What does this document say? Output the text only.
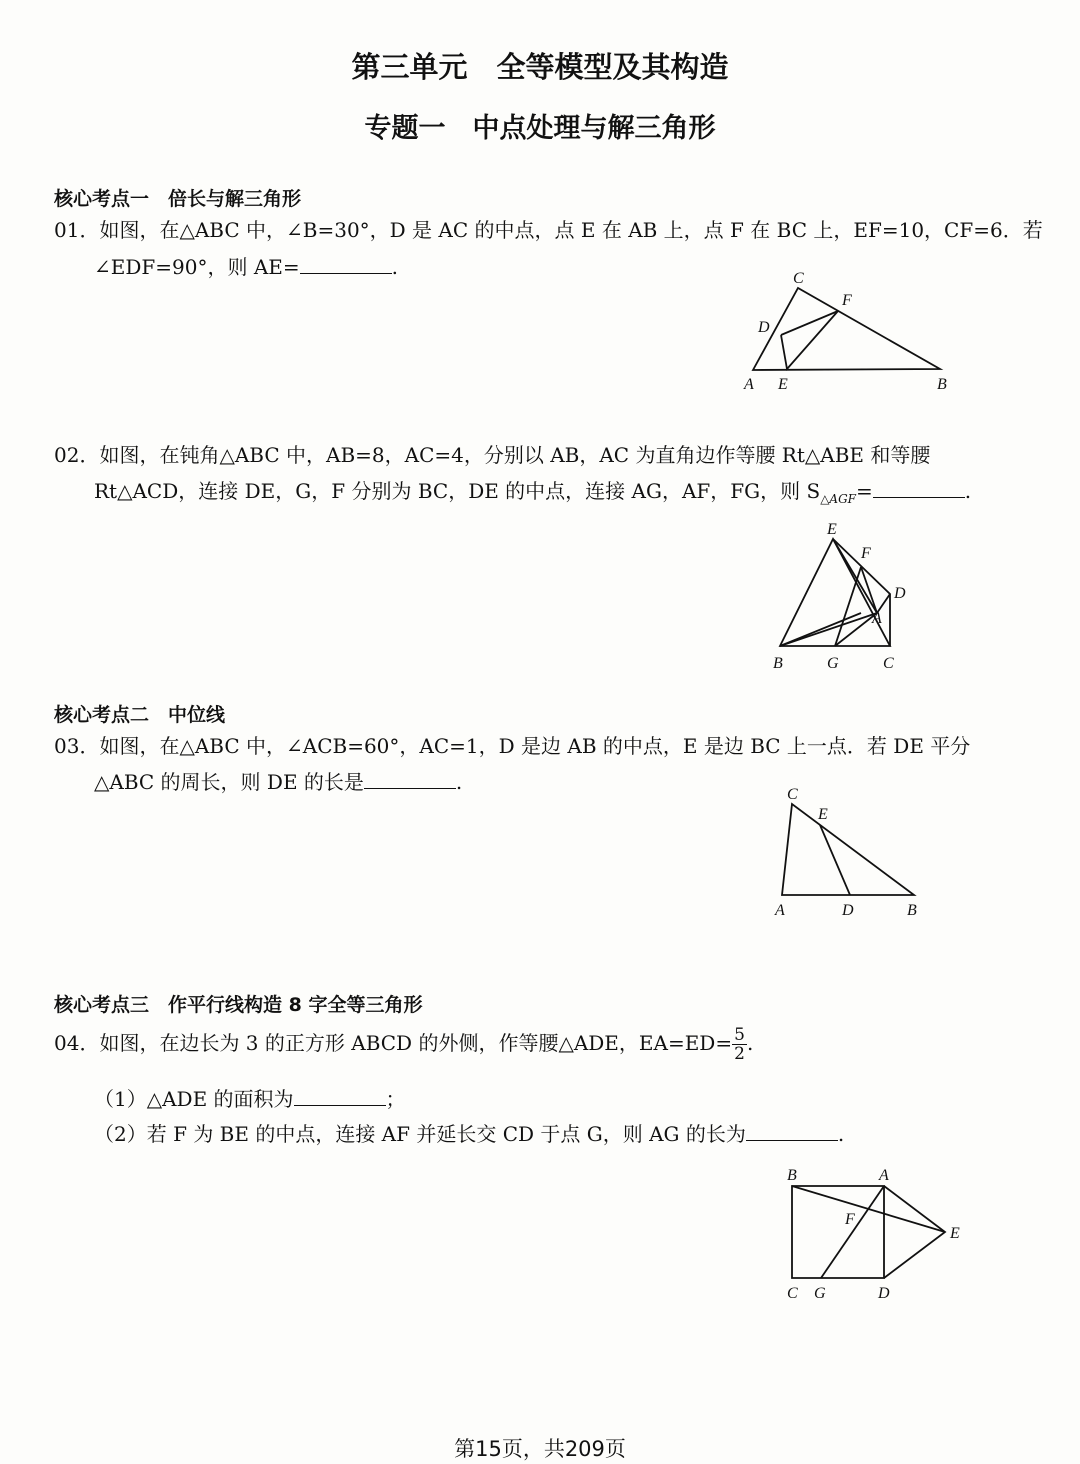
第三单元　全等模型及其构造
专题一　中点处理与解三角形
核心考点一　倍长与解三角形
01．如图，在△ABC 中，∠B=30°，D 是 AC 的中点，点 E 在 AB 上，点 F 在 BC 上，EF=10，CF=6．若
∠EDF=90°，则 AE=	.
A E	B
C
F
D
02．如图，在钝角△ABC 中，AB=8，AC=4，分别以 AB，AC 为直角边作等腰 Rt△ABE 和等腰
Rt△ACD，连接 DE，G，F 分别为 BC，DE 的中点，连接 AG，AF，FG，则 $S_{\triangle AGF}=$	.
E
F
D
A
B	G	C
核心考点二　中位线
03．如图，在△ABC 中，∠ACB=60°，AC=1，D 是边 AB 的中点，E 是边 BC 上一点．若 DE 平分
△ABC 的周长，则 DE 的长是	.
C
E
A	D	B
核心考点三　作平行线构造 8 字全等三角形
04．如图，在边长为 3 的正方形 ABCD 的外侧，作等腰△ADE，$EA=ED= \frac{5}{2}$ .
（1）△ADE 的面积为	；
（2）若 F 为 BE 的中点，连接 AF 并延长交 CD 于点 G，则 AG 的长为	.
B	A
F
E
C G	D
第15页，共209页
